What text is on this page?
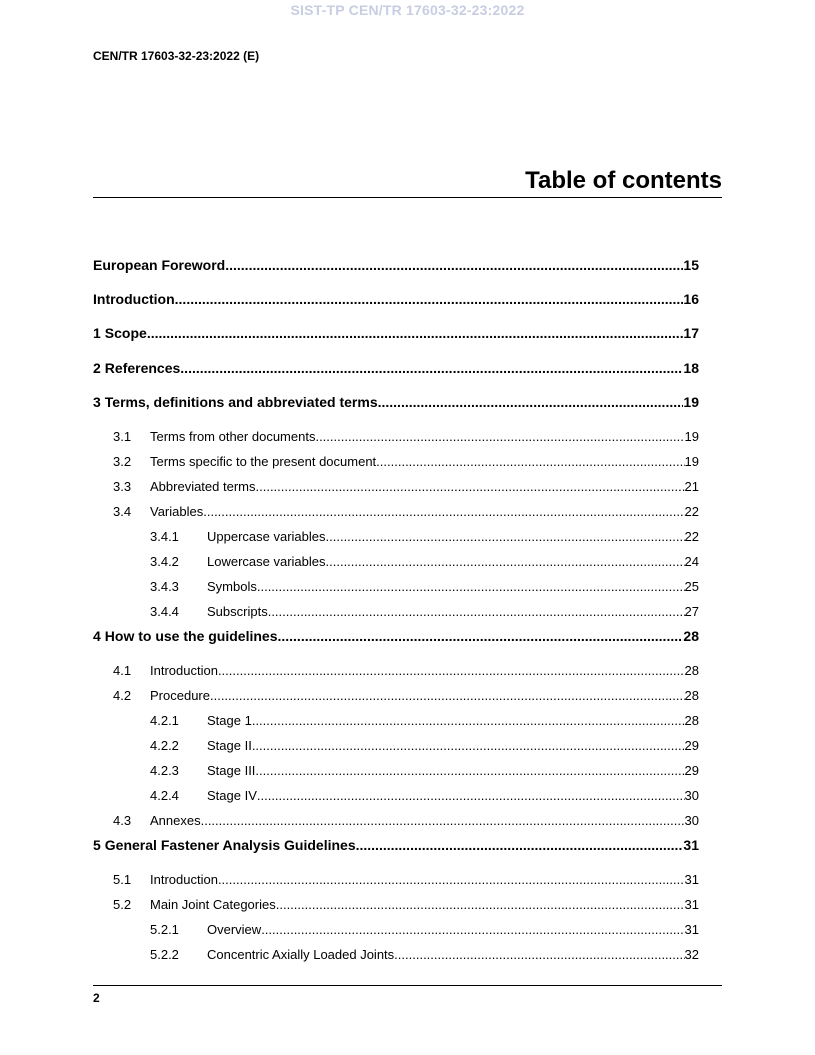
SIST-TP CEN/TR 17603-32-23:2022
CEN/TR 17603-32-23:2022 (E)
Table of contents
European Foreword .....	15
Introduction .....	16
1 Scope .....	17
2 References .....	18
3 Terms, definitions and abbreviated terms .....	19
3.1	Terms from other documents .....	19
3.2	Terms specific to the present document .....	19
3.3	Abbreviated terms .....	21
3.4	Variables .....	22
3.4.1	Uppercase variables .....	22
3.4.2	Lowercase variables .....	24
3.4.3	Symbols .....	25
3.4.4	Subscripts .....	27
4 How to use the guidelines .....	28
4.1	Introduction .....	28
4.2	Procedure .....	28
4.2.1	Stage 1 .....	28
4.2.2	Stage II .....	29
4.2.3	Stage III .....	29
4.2.4	Stage IV .....	30
4.3	Annexes .....	30
5 General Fastener Analysis Guidelines .....	31
5.1	Introduction .....	31
5.2	Main Joint Categories .....	31
5.2.1	Overview .....	31
5.2.2	Concentric Axially Loaded Joints .....	32
2
